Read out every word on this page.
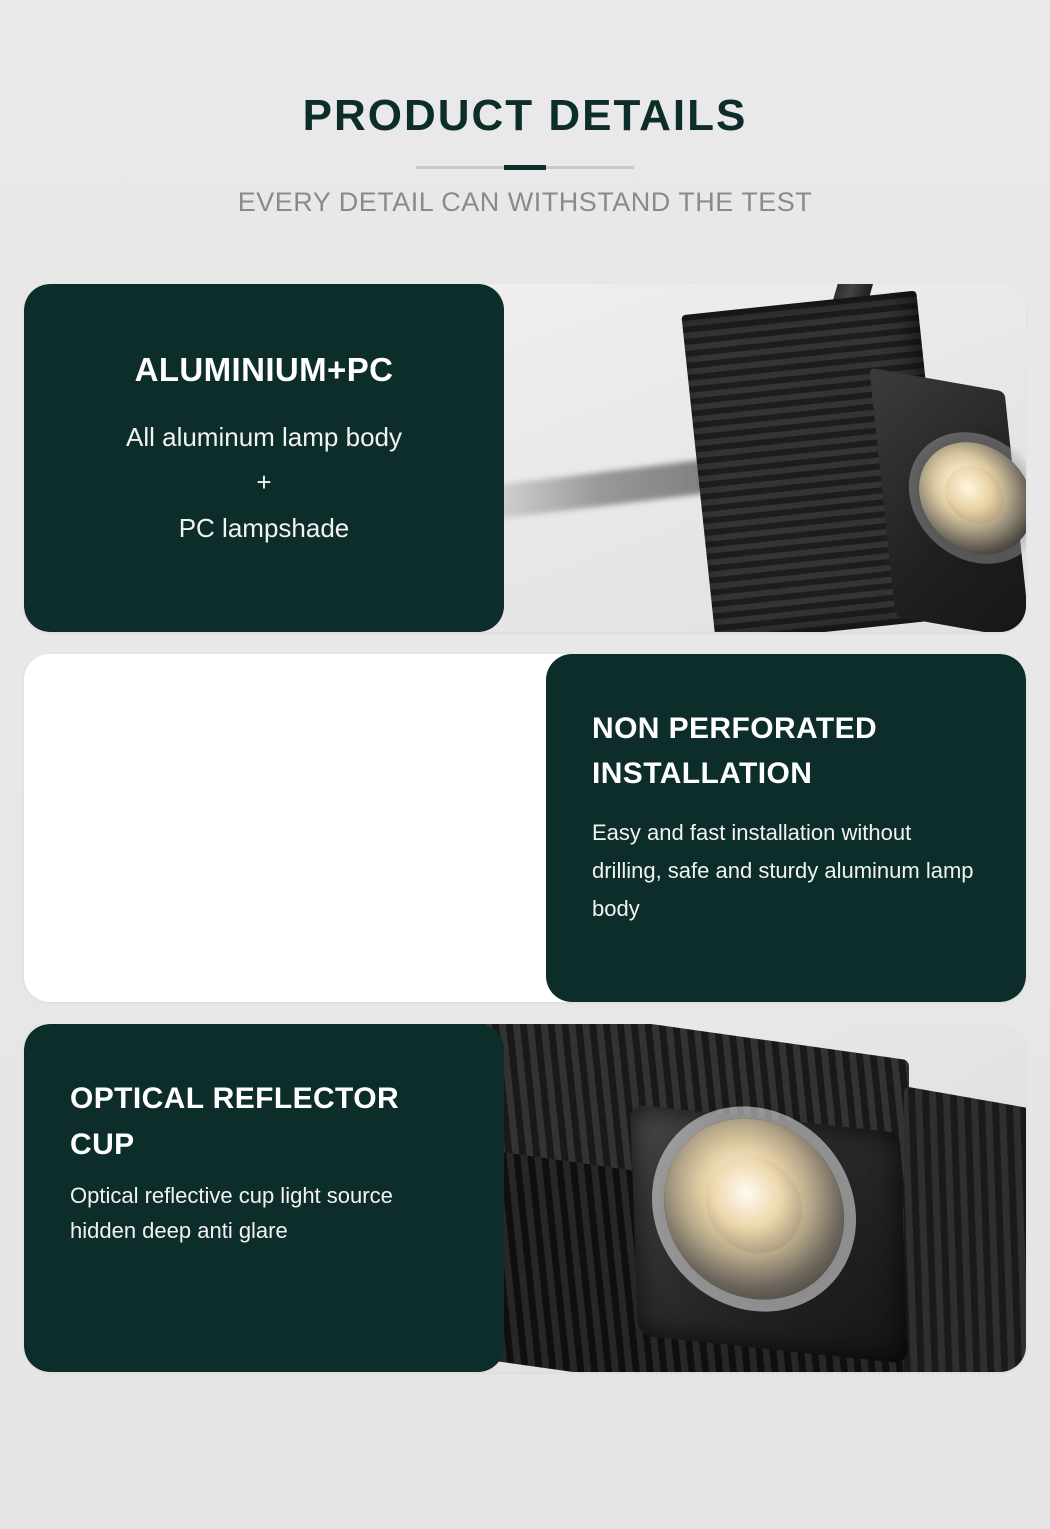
PRODUCT DETAILS

EVERY DETAIL CAN WITHSTAND THE TEST

ALUMINIUM+PC
All aluminum lamp body
+
PC lampshade
NON PERFORATED INSTALLATION
Easy and fast installation without drilling, safe and sturdy aluminum lamp body
OPTICAL REFLECTOR CUP
Optical reflective cup light source hidden deep anti glare
